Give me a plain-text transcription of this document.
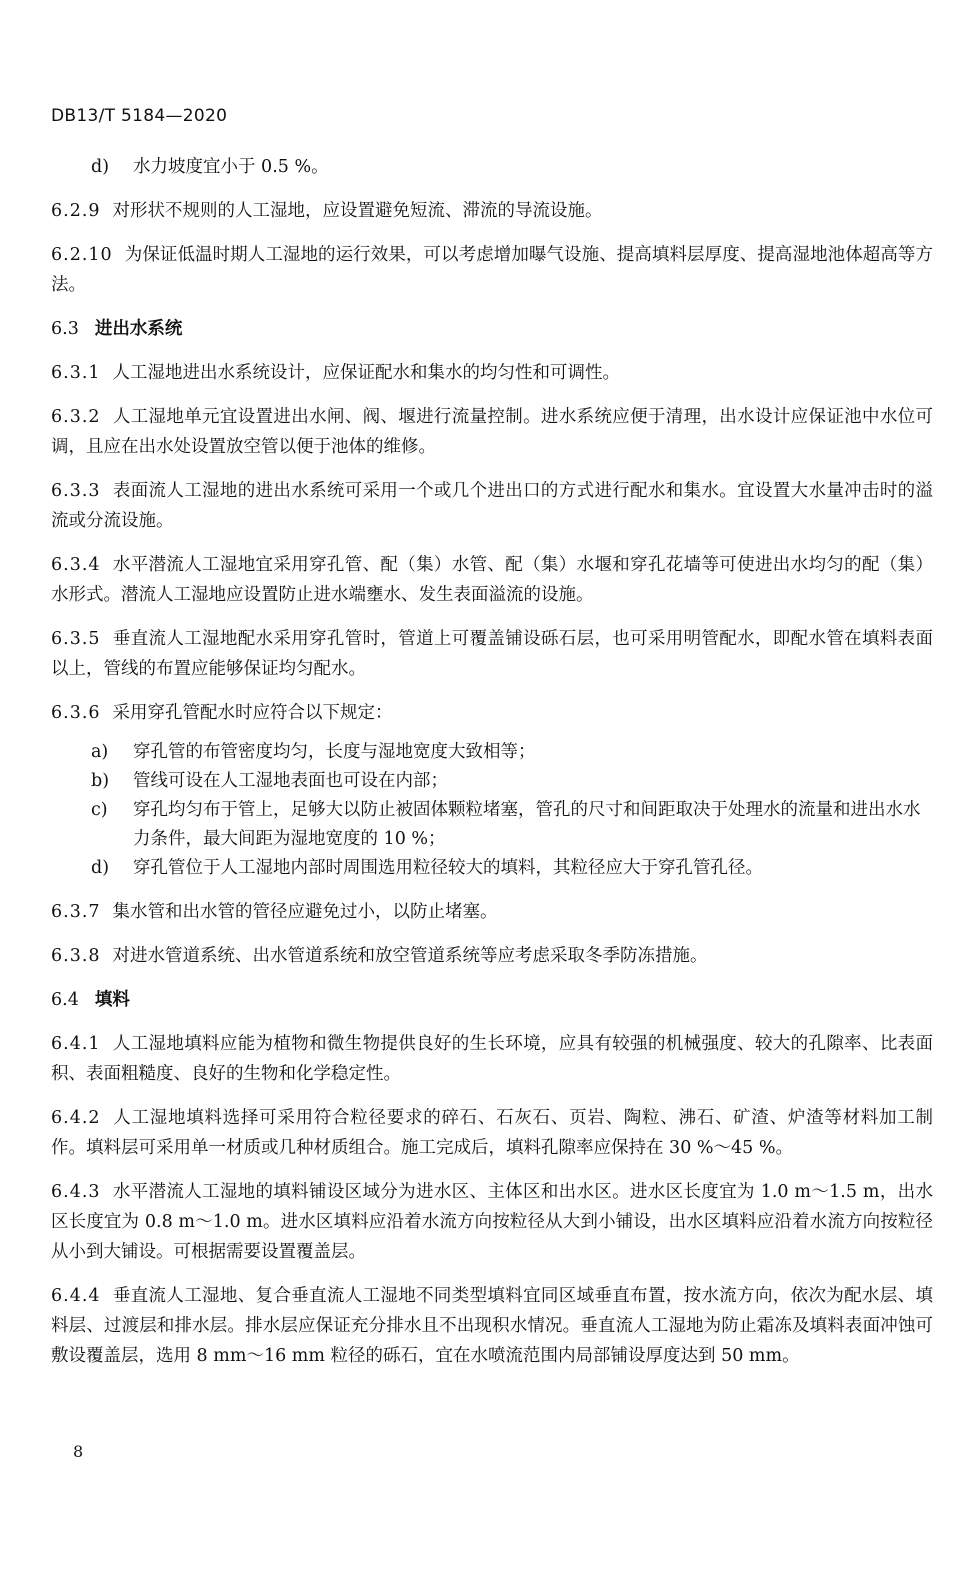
DB13/T 5184—2020
d)	水力坡度宜小于 0.5 %。

6.2.9 对形状不规则的人工湿地，应设置避免短流、滞流的导流设施。

6.2.10 为保证低温时期人工湿地的运行效果，可以考虑增加曝气设施、提高填料层厚度、提高湿地池体超高等方法。

6.3 进出水系统

6.3.1 人工湿地进出水系统设计，应保证配水和集水的均匀性和可调性。

6.3.2 人工湿地单元宜设置进出水闸、阀、堰进行流量控制。进水系统应便于清理，出水设计应保证池中水位可调，且应在出水处设置放空管以便于池体的维修。

6.3.3 表面流人工湿地的进出水系统可采用一个或几个进出口的方式进行配水和集水。宜设置大水量冲击时的溢流或分流设施。

6.3.4 水平潜流人工湿地宜采用穿孔管、配（集）水管、配（集）水堰和穿孔花墙等可使进出水均匀的配（集）水形式。潜流人工湿地应设置防止进水端壅水、发生表面溢流的设施。

6.3.5 垂直流人工湿地配水采用穿孔管时，管道上可覆盖铺设砾石层，也可采用明管配水，即配水管在填料表面以上，管线的布置应能够保证均匀配水。

6.3.6 采用穿孔管配水时应符合以下规定：

a)	穿孔管的布管密度均匀，长度与湿地宽度大致相等；
b)	管线可设在人工湿地表面也可设在内部；
c)	穿孔均匀布于管上，足够大以防止被固体颗粒堵塞，管孔的尺寸和间距取决于处理水的流量和进出水水力条件，最大间距为湿地宽度的 10 %；
d)	穿孔管位于人工湿地内部时周围选用粒径较大的填料，其粒径应大于穿孔管孔径。

6.3.7 集水管和出水管的管径应避免过小，以防止堵塞。

6.3.8 对进水管道系统、出水管道系统和放空管道系统等应考虑采取冬季防冻措施。

6.4 填料

6.4.1 人工湿地填料应能为植物和微生物提供良好的生长环境，应具有较强的机械强度、较大的孔隙率、比表面积、表面粗糙度、良好的生物和化学稳定性。

6.4.2 人工湿地填料选择可采用符合粒径要求的碎石、石灰石、页岩、陶粒、沸石、矿渣、炉渣等材料加工制作。填料层可采用单一材质或几种材质组合。施工完成后，填料孔隙率应保持在 30 %～45 %。

6.4.3 水平潜流人工湿地的填料铺设区域分为进水区、主体区和出水区。进水区长度宜为 1.0 m～1.5 m，出水区长度宜为 0.8 m～1.0 m。进水区填料应沿着水流方向按粒径从大到小铺设，出水区填料应沿着水流方向按粒径从小到大铺设。可根据需要设置覆盖层。

6.4.4 垂直流人工湿地、复合垂直流人工湿地不同类型填料宜同区域垂直布置，按水流方向，依次为配水层、填料层、过渡层和排水层。排水层应保证充分排水且不出现积水情况。垂直流人工湿地为防止霜冻及填料表面冲蚀可敷设覆盖层，选用 8 mm～16 mm 粒径的砾石，宜在水喷流范围内局部铺设厚度达到 50 mm。

8
